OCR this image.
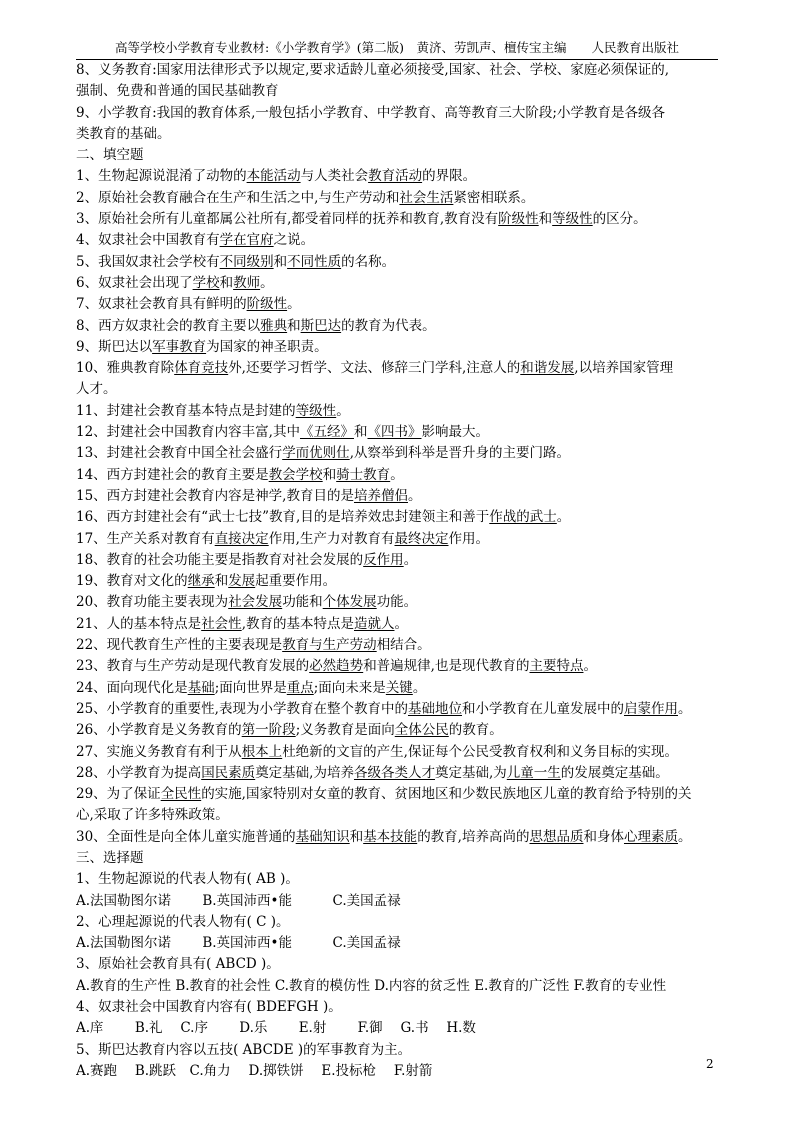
高等学校小学教育专业教材:《小学教育学》(第二版)　黄济、劳凯声、檀传宝主编　　人民教育出版社
8、义务教育:国家用法律形式予以规定,要求适龄儿童必须接受,国家、社会、学校、家庭必须保证的,
强制、免费和普通的国民基础教育
9、小学教育:我国的教育体系,一般包括小学教育、中学教育、高等教育三大阶段;小学教育是各级各
类教育的基础。
二、填空题
1、生物起源说混淆了动物的本能活动与人类社会教育活动的界限。
2、原始社会教育融合在生产和生活之中,与生产劳动和社会生活紧密相联系。
3、原始社会所有儿童都属公社所有,都受着同样的抚养和教育,教育没有阶级性和等级性的区分。
4、奴隶社会中国教育有学在官府之说。
5、我国奴隶社会学校有不同级别和不同性质的名称。
6、奴隶社会出现了学校和教师。
7、奴隶社会教育具有鲜明的阶级性。
8、西方奴隶社会的教育主要以雅典和斯巴达的教育为代表。
9、斯巴达以军事教育为国家的神圣职责。
10、雅典教育除体育竞技外,还要学习哲学、文法、修辞三门学科,注意人的和谐发展,以培养国家管理
人才。
11、封建社会教育基本特点是封建的等级性。
12、封建社会中国教育内容丰富,其中《五经》和《四书》影响最大。
13、封建社会教育中国全社会盛行学而优则仕,从察举到科举是晋升身的主要门路。
14、西方封建社会的教育主要是教会学校和骑士教育。
15、西方封建社会教育内容是神学,教育目的是培养僧侣。
16、西方封建社会有“武士七技”教育,目的是培养效忠封建领主和善于作战的武士。
17、生产关系对教育有直接决定作用,生产力对教育有最终决定作用。
18、教育的社会功能主要是指教育对社会发展的反作用。
19、教育对文化的继承和发展起重要作用。
20、教育功能主要表现为社会发展功能和个体发展功能。
21、人的基本特点是社会性,教育的基本特点是造就人。
22、现代教育生产性的主要表现是教育与生产劳动相结合。
23、教育与生产劳动是现代教育发展的必然趋势和普遍规律,也是现代教育的主要特点。
24、面向现代化是基础;面向世界是重点;面向未来是关键。
25、小学教育的重要性,表现为小学教育在整个教育中的基础地位和小学教育在儿童发展中的启蒙作用。
26、小学教育是义务教育的第一阶段;义务教育是面向全体公民的教育。
27、实施义务教育有利于从根本上杜绝新的文盲的产生,保证每个公民受教育权利和义务目标的实现。
28、小学教育为提高国民素质奠定基础,为培养各级各类人才奠定基础,为儿童一生的发展奠定基础。
29、为了保证全民性的实施,国家特别对女童的教育、贫困地区和少数民族地区儿童的教育给予特别的关
心,采取了许多特殊政策。
30、全面性是向全体儿童实施普通的基础知识和基本技能的教育,培养高尚的思想品质和身体心理素质。
三、选择题
1、生物起源说的代表人物有( AB )。
A.法国勒图尔诺　　 B.英国沛西•能　　　C.美国孟禄
2、心理起源说的代表人物有( C )。
A.法国勒图尔诺　　 B.英国沛西•能　　　C.美国孟禄
3、原始社会教育具有( ABCD )。
A.教育的生产性 B.教育的社会性 C.教育的模仿性 D.内容的贫乏性 E.教育的广泛性 F.教育的专业性
4、奴隶社会中国教育内容有( BDEFGH )。
A.庠　　 B.礼　 C.序　　 D.乐　　 E.射　　 F.御　 G.书　 H.数
5、斯巴达教育内容以五技( ABCDE )的军事教育为主。
A.赛跑　 B.跳跃　C.角力　 D.掷铁饼　 E.投标枪　 F.射箭	2
